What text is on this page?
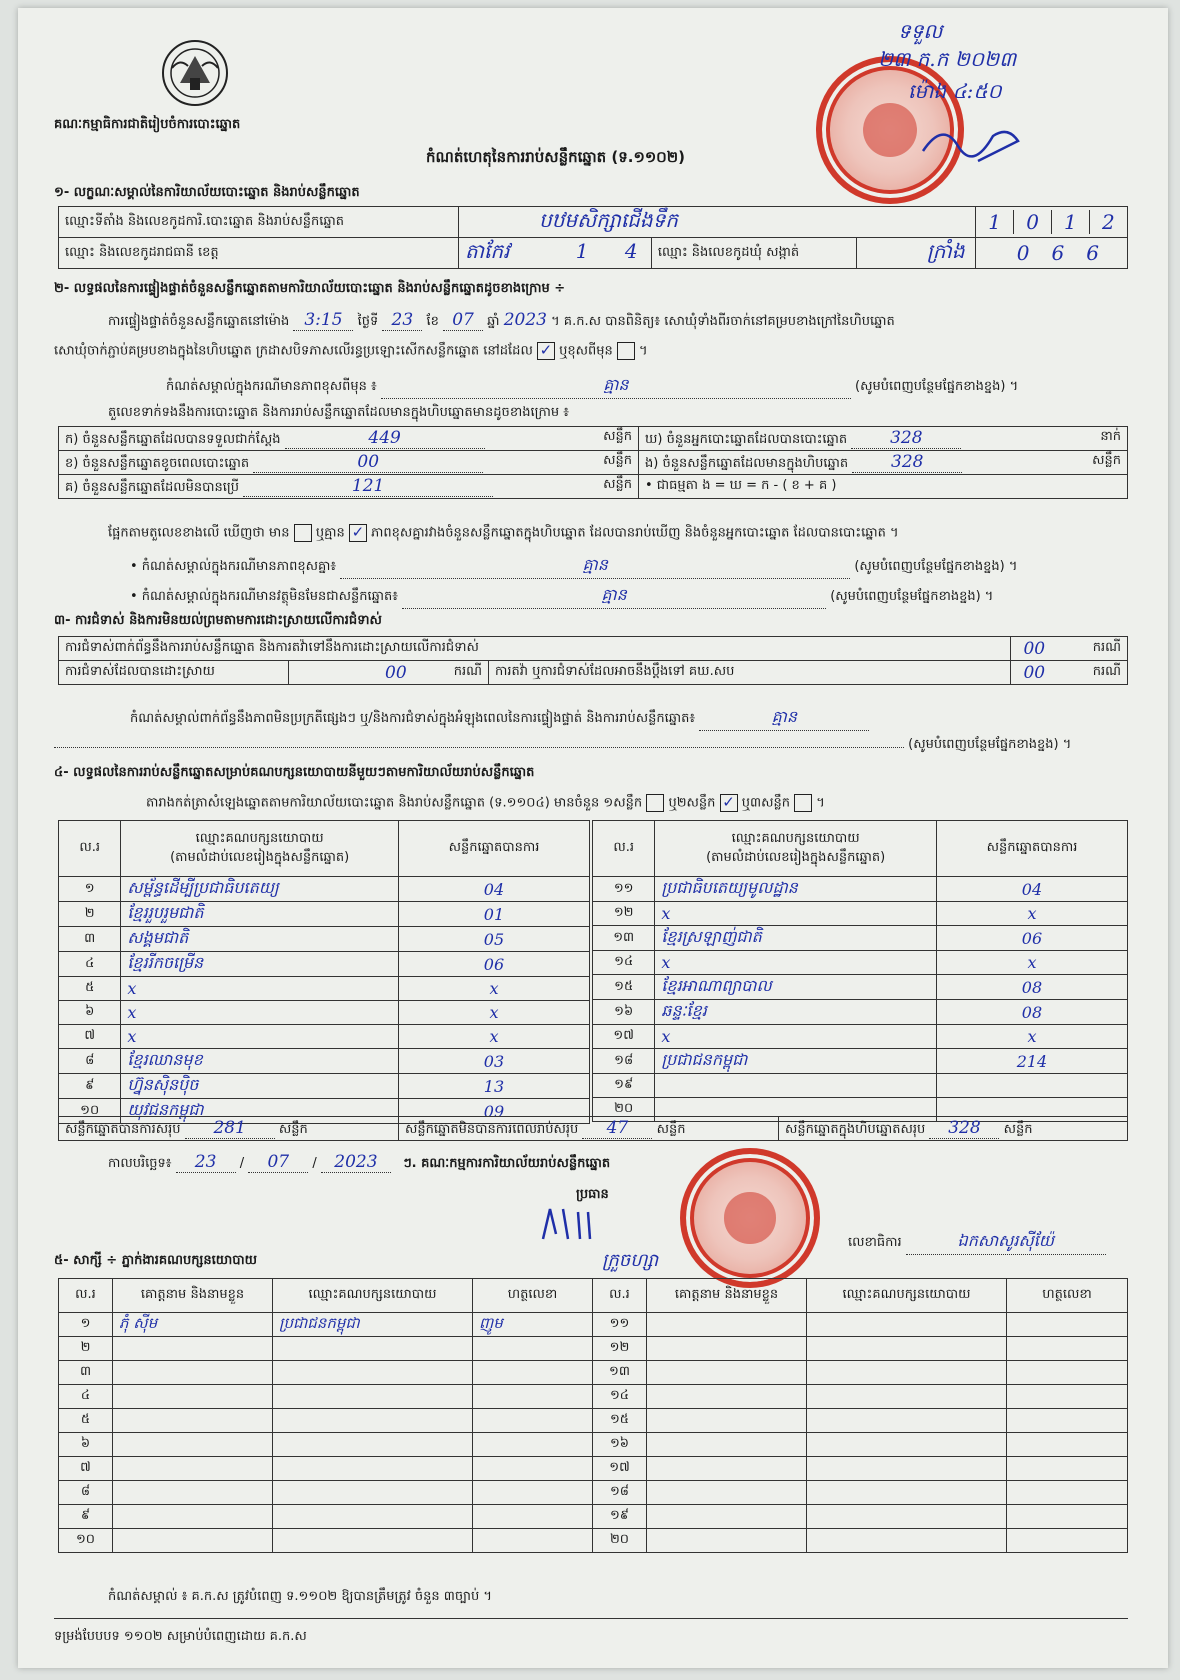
គណៈកម្មាធិការជាតិរៀបចំការបោះឆ្នោត
កំណត់ហេតុនៃការរាប់សន្លឹកឆ្នោត (ទ.១១០២)
ទទួល
២៣ ក.ក ២០២៣
ម៉ោង ៤:៥០
១- លក្ខណៈសម្គាល់នៃការិយាល័យបោះឆ្នោត និងរាប់សន្លឹកឆ្នោត
ឈ្មោះទីតាំង និងលេខកូដការិ.បោះឆ្នោត និងរាប់សន្លឹកឆ្នោត	បឋមសិក្សាជើងទឹក		1	0	1	2

ឈ្មោះ និងលេខកូដរាជធានី ខេត្ត	តាកែវ	1 4	ឈ្មោះ និងលេខកូដឃុំ សង្កាត់	ក្រាំង	066
២- លទ្ធផលនៃការផ្ទៀងផ្ទាត់ចំនួនសន្លឹកឆ្នោតតាមការិយាល័យបោះឆ្នោត និងរាប់សន្លឹកឆ្នោតដូចខាងក្រោម ÷
ការផ្ទៀងផ្ទាត់ចំនួនសន្លឹកឆ្នោតនៅម៉ោង 3:15 ថ្ងៃទី 23 ខែ 07 ឆ្នាំ 2023 ។ គ.ក.ស បានពិនិត្យ៖ សោឃុំទាំងពីរចាក់នៅគម្របខាងក្រៅនៃហិបឆ្នោត
សោឃុំចាក់ភ្ជាប់គម្របខាងក្នុងនៃហិបឆ្នោត ក្រដាសបិទភាសលើរន្ធប្រឡោះសើកសន្លឹកឆ្នោត នៅដដែល ✓ ឬខុសពីមុន  ។
កំណត់សម្គាល់ក្នុងករណីមានភាពខុសពីមុន ៖	គ្មាន	(សូមបំពេញបន្ថែមផ្នែកខាងខ្នង) ។
តួលេខទាក់ទងនឹងការបោះឆ្នោត និងការរាប់សន្លឹកឆ្នោតដែលមានក្នុងហិបឆ្នោតមានដូចខាងក្រោម ៖
ក) ចំនួនសន្លឹកឆ្នោតដែលបានទទួលជាក់ស្តែង 449 សន្លឹក	ឃ) ចំនួនអ្នកបោះឆ្នោតដែលបានបោះឆ្នោត 328 នាក់

ខ) ចំនួនសន្លឹកឆ្នោតខូចពេលបោះឆ្នោត 00 សន្លឹក	ង) ចំនួនសន្លឹកឆ្នោតដែលមានក្នុងហិបឆ្នោត 328 សន្លឹក

គ) ចំនួនសន្លឹកឆ្នោតដែលមិនបានប្រើ 121 សន្លឹក	• ជាធម្មតា ង = ឃ = ក - ( ខ + គ )
ផ្អែកតាមតួលេខខាងលើ ឃើញថា មាន ឬគ្មាន ✓ ភាពខុសគ្នារវាងចំនួនសន្លឹកឆ្នោតក្នុងហិបឆ្នោត ដែលបានរាប់ឃើញ និងចំនួនអ្នកបោះឆ្នោត ដែលបានបោះឆ្នោត ។
• កំណត់សម្គាល់ក្នុងករណីមានភាពខុសគ្នា៖	គ្មាន	(សូមបំពេញបន្ថែមផ្នែកខាងខ្នង) ។
• កំណត់សម្គាល់ក្នុងករណីមានវត្ថុមិនមែនជាសន្លឹកឆ្នោត៖	គ្មាន	(សូមបំពេញបន្ថែមផ្នែកខាងខ្នង) ។
៣- ការជំទាស់ និងការមិនយល់ព្រមតាមការដោះស្រាយលើការជំទាស់
ការជំទាស់ពាក់ព័ន្ធនឹងការរាប់សន្លឹកឆ្នោត និងការតវ៉ាទៅនឹងការដោះស្រាយលើការជំទាស់			00	ករណី
ការជំទាស់ដែលបានដោះស្រាយ	00 ករណី	ការតវ៉ា ឬការជំទាស់ដែលអាចនឹងប្តឹងទៅ គឃ.សប	00	ករណី
កំណត់សម្គាល់ពាក់ព័ន្ធនឹងភាពមិនប្រក្រតីផ្សេងៗ ឬ/និងការជំទាស់ក្នុងអំឡុងពេលនៃការផ្ទៀងផ្ទាត់ និងការរាប់សន្លឹកឆ្នោត៖	គ្មាន
(សូមបំពេញបន្ថែមផ្នែកខាងខ្នង) ។
៤- លទ្ធផលនៃការរាប់សន្លឹកឆ្នោតសម្រាប់គណបក្សនយោបាយនីមួយៗតាមការិយាល័យរាប់សន្លឹកឆ្នោត
តារាងកត់ត្រាសំឡេងឆ្នោតតាមការិយាល័យបោះឆ្នោត និងរាប់សន្លឹកឆ្នោត (ទ.១១០៤) មានចំនួន ១សន្លឹក ឬ២សន្លឹក ✓ ឬ៣សន្លឹក  ។
ល.រ	ឈ្មោះគណបក្សនយោបាយ
(តាមលំដាប់លេខរៀងក្នុងសន្លឹកឆ្នោត)	សន្លឹកឆ្នោតបានការ
១	សម្ព័ន្ធដើម្បីប្រជាធិបតេយ្យ	04
២	ខ្មែររួបរួមជាតិ	01
៣	សង្គមជាតិ	05
៤	ខ្មែររីកចម្រើន	06
៥	x	x
៦	x	x
៧	x	x
៨	ខ្មែរឈានមុខ	03
៩	ហ្វ៊ុនស៊ិនប៉ិច	13
១០	យុវជនកម្ពុជា	09
ល.រ	ឈ្មោះគណបក្សនយោបាយ
(តាមលំដាប់លេខរៀងក្នុងសន្លឹកឆ្នោត)	សន្លឹកឆ្នោតបានការ
១១	ប្រជាធិបតេយ្យមូលដ្ឋាន	04
១២	x	x
១៣	ខ្មែរស្រឡាញ់ជាតិ	06
១៤	x	x
១៥	ខ្មែរអាណាព្យាបាល	08
១៦	ឆន្ទៈខ្មែរ	08
១៧	x	x
១៨	ប្រជាជនកម្ពុជា	214
១៩		
២០		
សន្លឹកឆ្នោតបានការសរុប 281	សន្លឹក	សន្លឹកឆ្នោតមិនបានការពេលរាប់សរុប 47 សន្លឹក	សន្លឹកឆ្នោតក្នុងហិបឆ្នោតសរុប 328 សន្លឹក
កាលបរិច្ឆេទ៖ 23 / 07 / 2023 ៗ. គណៈកម្មការការិយាល័យរាប់សន្លឹកឆ្នោត
ប្រធាន
ក្រួចហ្សា
លេខាធិការ	ឯកសាសូរស៊ីយ៉ែ
៥- សាក្សី ÷ ភ្នាក់ងារគណបក្សនយោបាយ
ល.រ	គោត្តនាម និងនាមខ្លួន	ឈ្មោះគណបក្សនយោបាយ	ហត្ថលេខា	ល.រ	គោត្តនាម និងនាមខ្លួន	ឈ្មោះគណបក្សនយោបាយ	ហត្ថលេខា
១	ភុំ ស៊ីម	ប្រជាជនកម្ពុជា	ញូម	១១			
២				១២			
៣				១៣			
៤				១៤			
៥				១៥			
៦				១៦			
៧				១៧			
៨				១៨			
៩				១៩			
១០				២០			
កំណត់សម្គាល់ ៖ គ.ក.ស ត្រូវបំពេញ ទ.១១០២ ឱ្យបានត្រឹមត្រូវ ចំនួន ៣ច្បាប់ ។
ទម្រង់បែបបទ ១១០២ សម្រាប់បំពេញដោយ គ.ក.ស
